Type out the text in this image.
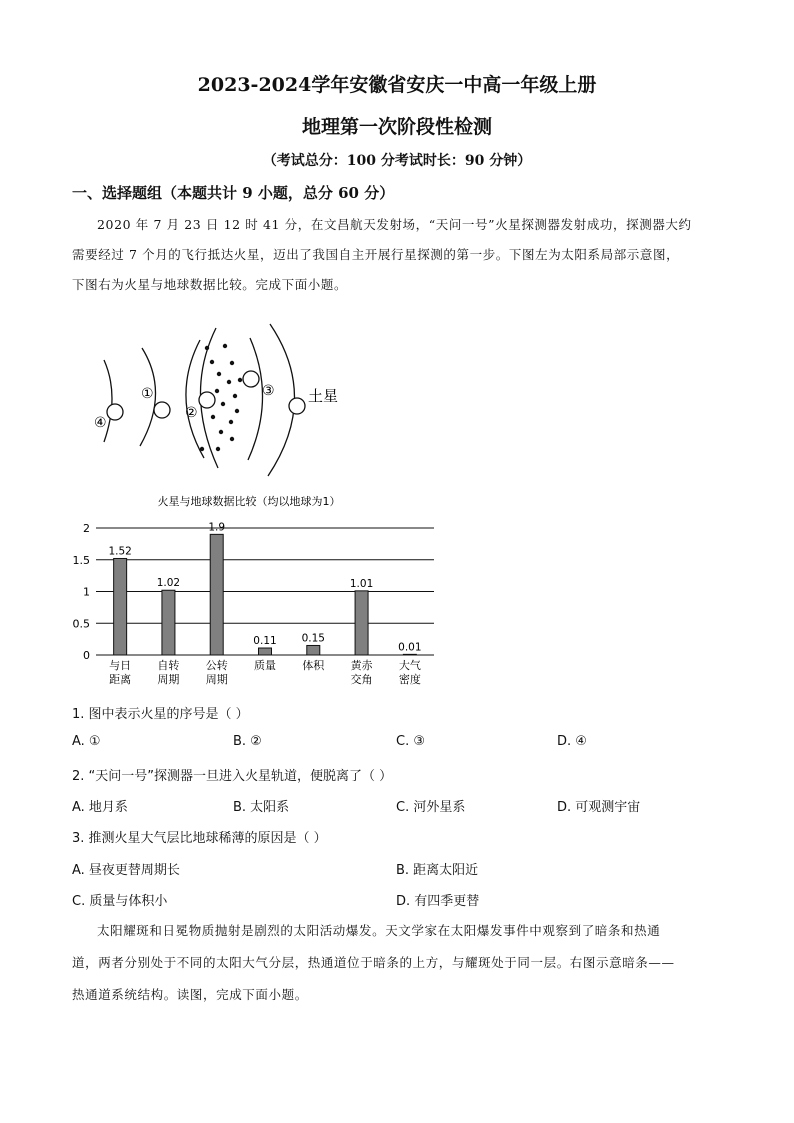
2023-2024学年安徽省安庆一中高一年级上册
地理第一次阶段性检测
（考试总分：100 分考试时长：90 分钟）
一、选择题组（本题共计 9 小题，总分 60 分）
2020 年 7 月 23 日 12 时 41 分，在文昌航天发射场，“天问一号”火星探测器发射成功，探测器大约
需要经过 7 个月的飞行抵达火星，迈出了我国自主开展行星探测的第一步。下图左为太阳系局部示意图，
下图右为火星与地球数据比较。完成下面小题。
④
①
②
③ 土星
火星与地球数据比较（均以地球为1）
0
0.5
1
1.5
2
1.52
与日
距离
1.02
自转
周期
1.9
公转
周期
0.11
质量
0.15
体积
1.01
黄赤
交角
0.01
大气
密度
1. 图中表示火星的序号是（ ）
A. ①	B. ②	C. ③	D. ④
2. “天问一号”探测器一旦进入火星轨道，便脱离了（ ）
A. 地月系	B. 太阳系	C. 河外星系	D. 可观测宇宙
3. 推测火星大气层比地球稀薄的原因是（ ）
A. 昼夜更替周期长	B. 距离太阳近
C. 质量与体积小	D. 有四季更替
太阳耀斑和日冕物质抛射是剧烈的太阳活动爆发。天文学家在太阳爆发事件中观察到了暗条和热通
道，两者分别处于不同的太阳大气分层，热通道位于暗条的上方，与耀斑处于同一层。右图示意暗条——
热通道系统结构。读图，完成下面小题。
